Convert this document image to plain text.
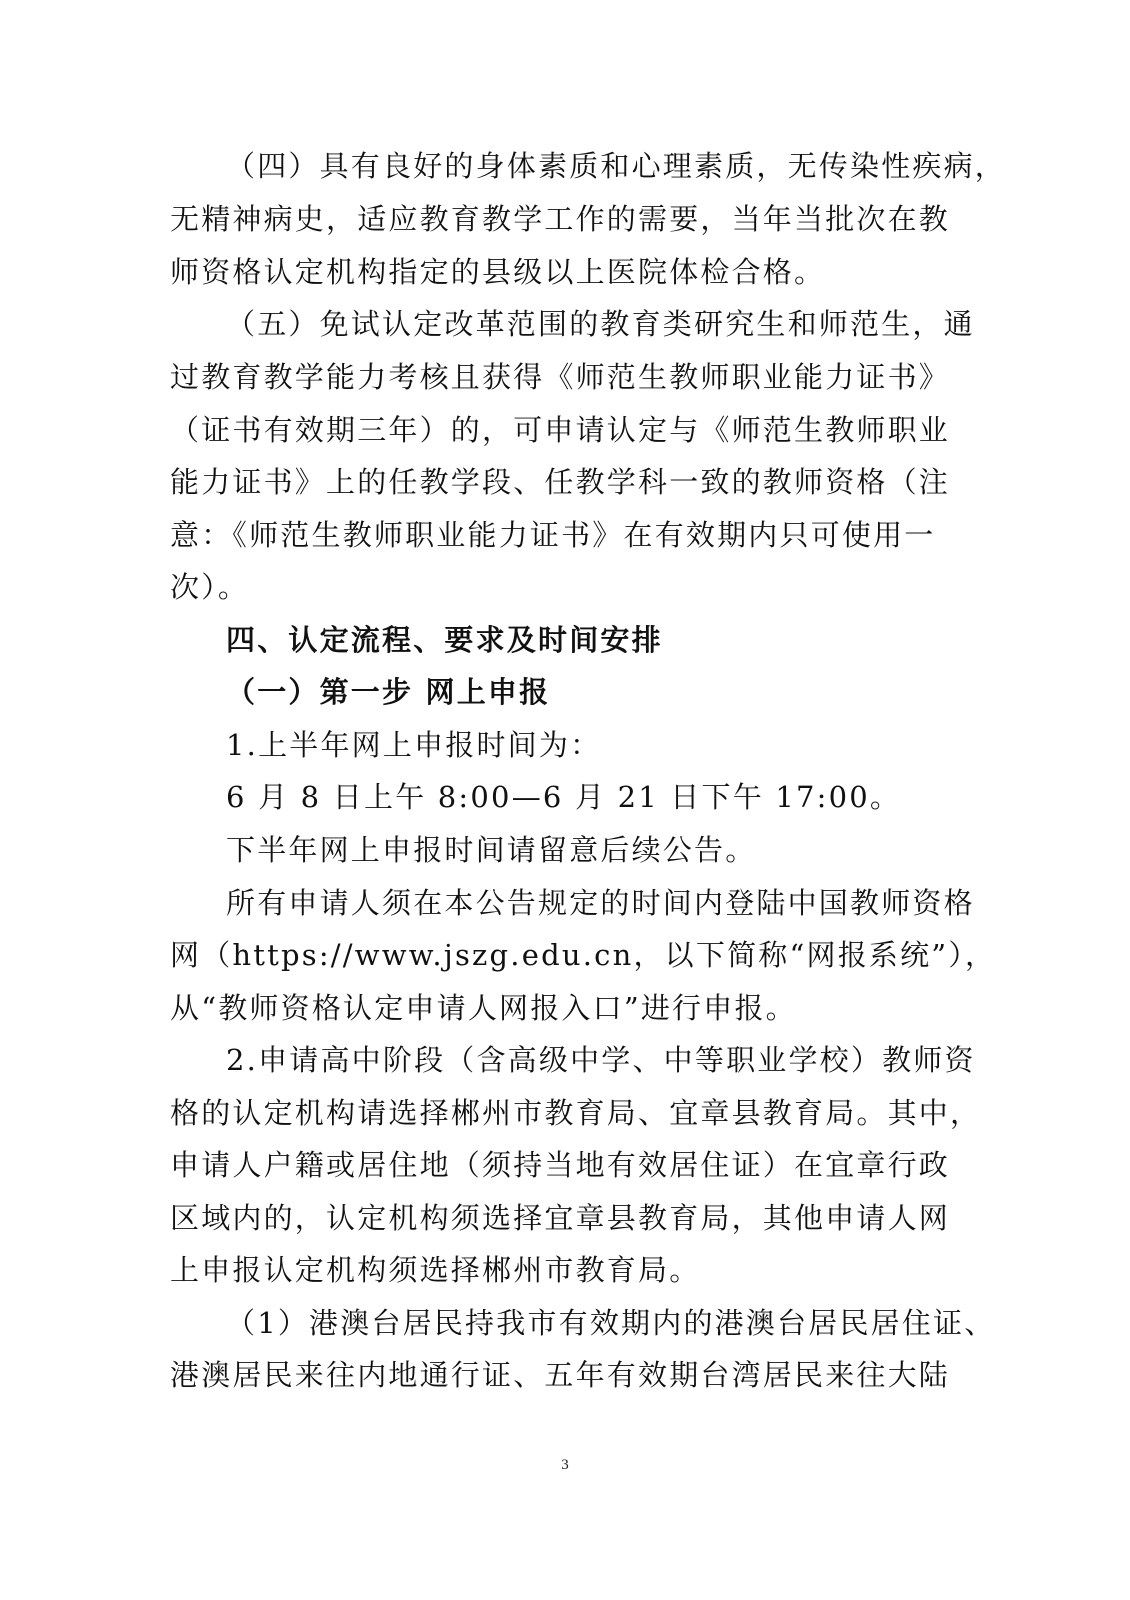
（四）具有良好的身体素质和心理素质，无传染性疾病，
无精神病史，适应教育教学工作的需要，当年当批次在教
师资格认定机构指定的县级以上医院体检合格。
（五）免试认定改革范围的教育类研究生和师范生，通
过教育教学能力考核且获得《师范生教师职业能力证书》
（证书有效期三年）的，可申请认定与《师范生教师职业
能力证书》上的任教学段、任教学科一致的教师资格（注
意：《师范生教师职业能力证书》在有效期内只可使用一
次）。
四、认定流程、要求及时间安排
（一）第一步 网上申报
1.上半年网上申报时间为：
6 月 8 日上午 8:00—6 月 21 日下午 17:00。
下半年网上申报时间请留意后续公告。
所有申请人须在本公告规定的时间内登陆中国教师资格
网（https://www.jszg.edu.cn，以下简称“网报系统”），
从“教师资格认定申请人网报入口”进行申报。
2.申请高中阶段（含高级中学、中等职业学校）教师资
格的认定机构请选择郴州市教育局、宜章县教育局。其中，
申请人户籍或居住地（须持当地有效居住证）在宜章行政
区域内的，认定机构须选择宜章县教育局，其他申请人网
上申报认定机构须选择郴州市教育局。
（1）港澳台居民持我市有效期内的港澳台居民居住证、
港澳居民来往内地通行证、五年有效期台湾居民来往大陆
3
